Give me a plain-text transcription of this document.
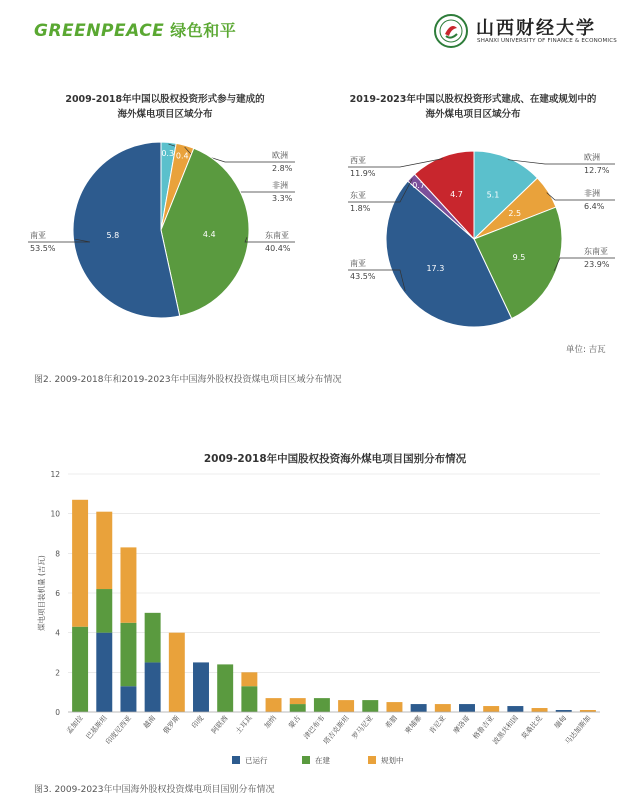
GREENPEACE 绿色和平	山西财经大学
SHANXI UNIVERSITY OF FINANCE & ECONOMICS
2009-2018年中国以股权投资形式参与建成的
海外煤电项目区域分布
2019-2023年中国以股权投资形式建成、在建或规划中的
海外煤电项目区域分布
0.3	欧洲
2.8%
0.4
非洲
3.3%
4.4	东南亚
40.4%
5.8
南亚
53.5%
5.1
欧洲
12.7%
2.5
非洲
6.4%
9.5
东南亚
23.9%
17.3
南亚
43.5%
0.7
东亚
1.8%
4.7
西亚
11.9%
单位: 吉瓦
图2. 2009-2018年和2019-2023年中国海外股权投资煤电项目区域分布情况
2009-2018年中国股权投资海外煤电项目国别分布情况
0
2
4
6
8
10
12
煤电项目装机量 (吉瓦)
孟加拉 巴基斯坦
印度尼西亚 越南 俄罗斯 印度 阿联酋 土耳其 加纳 蒙古 津巴布韦
塔吉克斯坦 罗马尼亚 希腊 柬埔寨 肯尼亚 摩洛哥 格鲁吉亚
波黑共和国 莫桑比克 缅甸
马达加斯加
已运行	在建	规划中
图3. 2009-2023年中国海外股权投资煤电项目国别分布情况
